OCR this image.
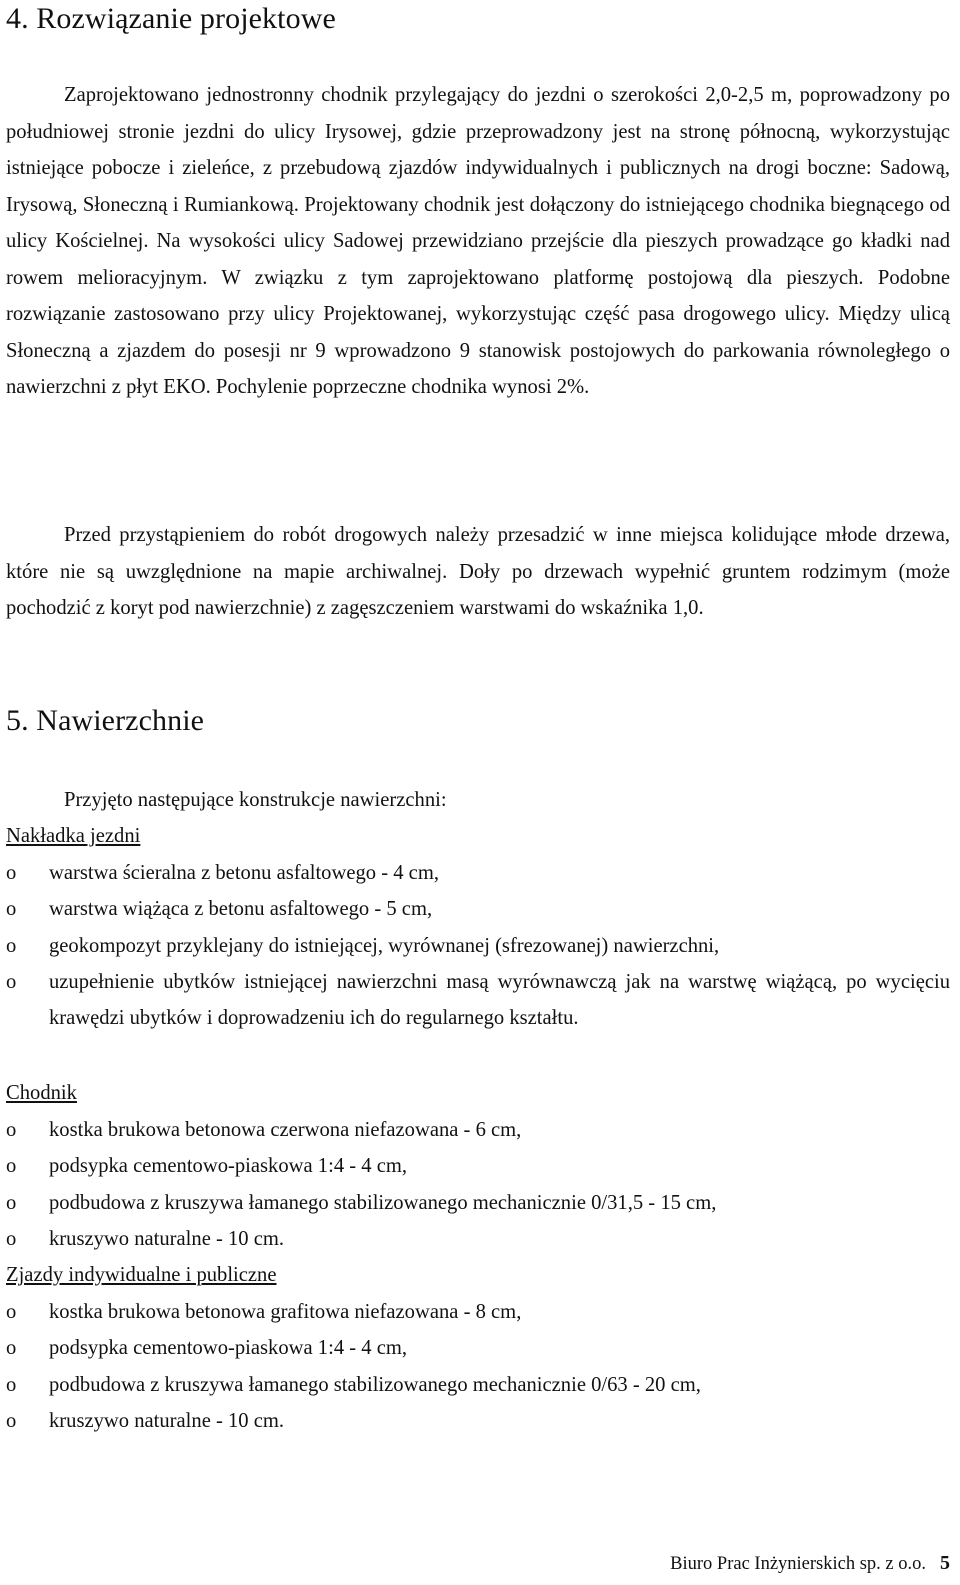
4. Rozwiązanie projektowe

Zaprojektowano jednostronny chodnik przylegający do jezdni o szerokości 2,0-2,5 m, poprowadzony po południowej stronie jezdni do ulicy Irysowej, gdzie przeprowadzony jest na stronę północną, wykorzystując istniejące pobocze i zieleńce, z przebudową zjazdów indywidualnych i publicznych na drogi boczne: Sadową, Irysową, Słoneczną i Rumiankową. Projektowany chodnik jest dołączony do istniejącego chodnika biegnącego od ulicy Kościelnej. Na wysokości ulicy Sadowej przewidziano przejście dla pieszych prowadzące go kładki nad rowem melioracyjnym. W związku z tym zaprojektowano platformę postojową dla pieszych. Podobne rozwiązanie zastosowano przy ulicy Projektowanej, wykorzystując część pasa drogowego ulicy. Między ulicą Słoneczną a zjazdem do posesji nr 9 wprowadzono 9 stanowisk postojowych do parkowania równoległego o nawierzchni z płyt EKO. Pochylenie poprzeczne chodnika wynosi 2%.

Przed przystąpieniem do robót drogowych należy przesadzić w inne miejsca kolidujące młode drzewa, które nie są uwzględnione na mapie archiwalnej. Doły po drzewach wypełnić gruntem rodzimym (może pochodzić z koryt pod nawierzchnie) z zagęszczeniem warstwami do wskaźnika 1,0.

5. Nawierzchnie

Przyjęto następujące konstrukcje nawierzchni:

Nakładka jezdni

o warstwa ścieralna z betonu asfaltowego - 4 cm,
o warstwa wiążąca z betonu asfaltowego - 5 cm,
o geokompozyt przyklejany do istniejącej, wyrównanej (sfrezowanej) nawierzchni,
o uzupełnienie ubytków istniejącej nawierzchni masą wyrównawczą jak na warstwę wiążącą, po wycięciu krawędzi ubytków i doprowadzeniu ich do regularnego kształtu.

Chodnik

o kostka brukowa betonowa czerwona niefazowana - 6 cm,
o podsypka cementowo-piaskowa 1:4 - 4 cm,
o podbudowa z kruszywa łamanego stabilizowanego mechanicznie 0/31,5 - 15 cm,
o kruszywo naturalne - 10 cm.

Zjazdy indywidualne i publiczne

o kostka brukowa betonowa grafitowa niefazowana - 8 cm,
o podsypka cementowo-piaskowa 1:4 - 4 cm,
o podbudowa z kruszywa łamanego stabilizowanego mechanicznie 0/63 - 20 cm,
o kruszywo naturalne - 10 cm.
Biuro Prac Inżynierskich sp. z o.o. 5
